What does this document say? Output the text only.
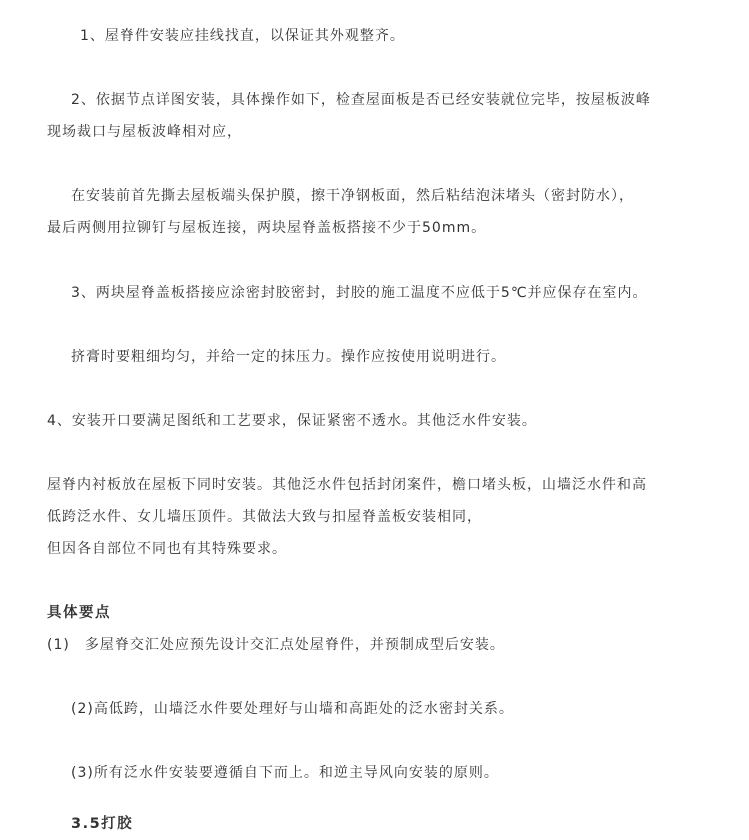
1、屋脊件安装应挂线找直，以保证其外观整齐。
2、依据节点详图安装，具体操作如下，检查屋面板是否已经安装就位完毕，按屋板波峰
现场裁口与屋板波峰相对应，
在安装前首先撕去屋板端头保护膜，擦干净钢板面，然后粘结泡沫堵头（密封防水），
最后两侧用拉铆钉与屋板连接，两块屋脊盖板搭接不少于50mm。
3、两块屋脊盖板搭接应涂密封胶密封，封胶的施工温度不应低于5℃并应保存在室内。
挤膏时要粗细均匀，并给一定的抹压力。操作应按使用说明进行。
4、安装开口要满足图纸和工艺要求，保证紧密不透水。其他泛水件安装。
屋脊内衬板放在屋板下同时安装。其他泛水件包括封闭案件，檐口堵头板，山墙泛水件和高
低跨泛水件、女儿墙压顶件。其做法大致与扣屋脊盖板安装相同，
但因各自部位不同也有其特殊要求。
具体要点
(1)　多屋脊交汇处应预先设计交汇点处屋脊件，并预制成型后安装。
(2)高低跨，山墙泛水件要处理好与山墙和高距处的泛水密封关系。
(3)所有泛水件安装要遵循自下而上。和逆主导风向安装的原则。
3.5打胶
